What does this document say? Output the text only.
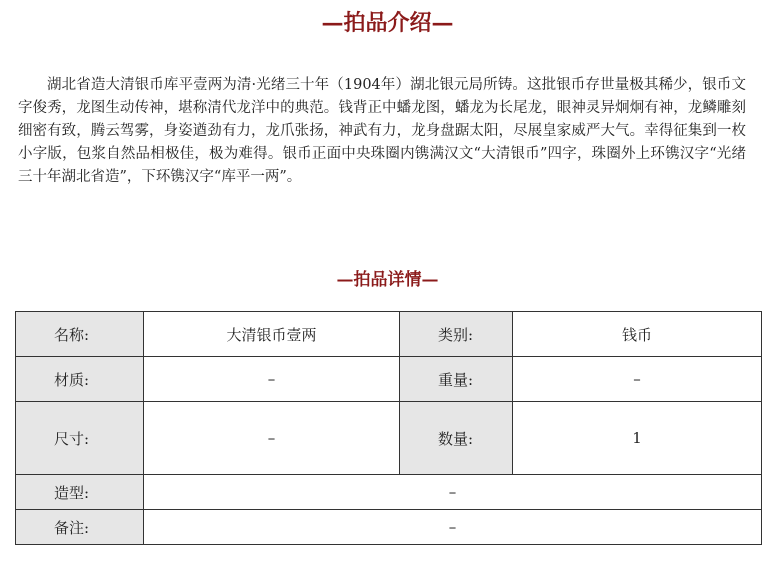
—拍品介绍—

湖北省造大清银币库平壹两为清·光绪三十年（1904年）湖北银元局所铸。这批银币存世量极其稀少，银币文字俊秀，龙图生动传神，堪称清代龙洋中的典范。钱背正中蟠龙图，蟠龙为长尾龙，眼神灵异炯炯有神，龙鳞雕刻细密有致，腾云驾雾，身姿遒劲有力，龙爪张扬，神武有力，龙身盘踞太阳，尽展皇家威严大气。幸得征集到一枚小字版，包浆自然品相极佳，极为难得。银币正面中央珠圈内镌满汉文“大清银币”四字，珠圈外上环镌汉字“光绪三十年湖北省造”，下环镌汉字“库平一两”。

—拍品详情—
名称:	大清银币壹两	类别:	钱币
材质:	–	重量:	–
尺寸:	–	数量:	1
造型:	–		
备注:	–		
